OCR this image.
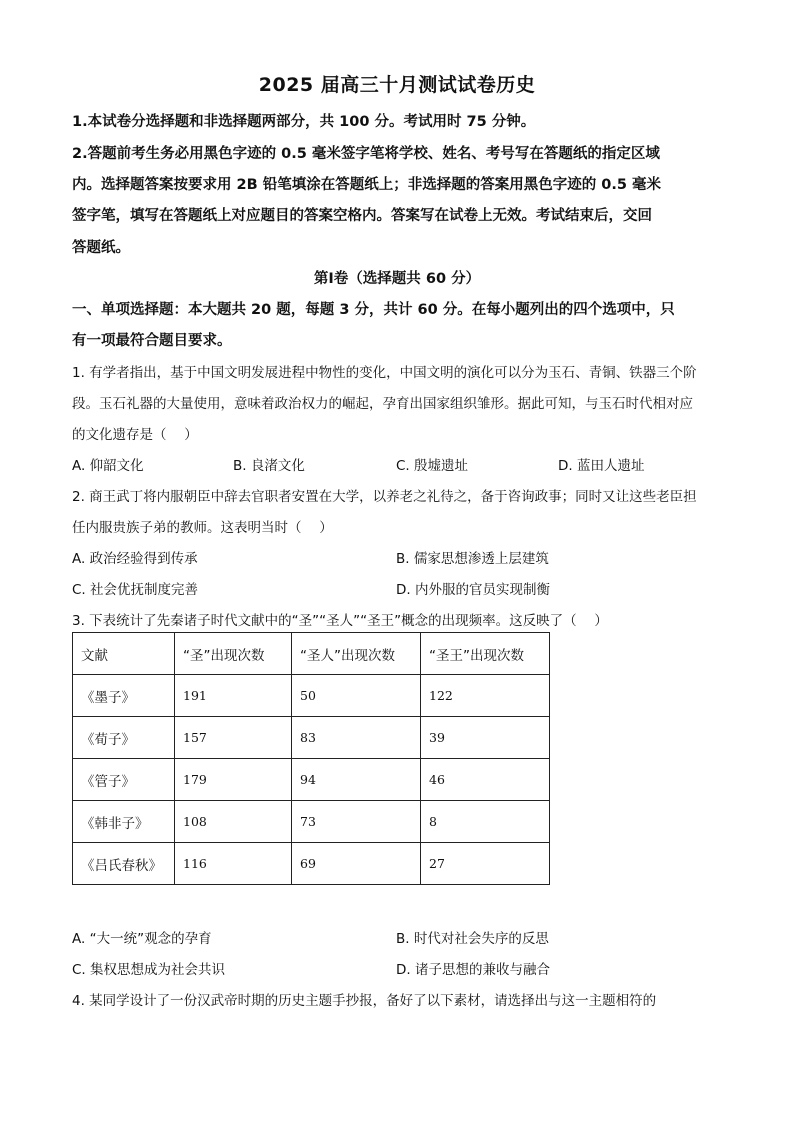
2025 届高三十月测试试卷历史
1.本试卷分选择题和非选择题两部分，共 100 分。考试用时 75 分钟。
2.答题前考生务必用黑色字迹的 0.5 毫米签字笔将学校、姓名、考号写在答题纸的指定区域
内。选择题答案按要求用 2B 铅笔填涂在答题纸上；非选择题的答案用黑色字迹的 0.5 毫米
签字笔，填写在答题纸上对应题目的答案空格内。答案写在试卷上无效。考试结束后，交回
答题纸。
第Ⅰ卷（选择题共 60 分）
一、单项选择题：本大题共 20 题，每题 3 分，共计 60 分。在每小题列出的四个选项中，只
有一项最符合题目要求。
1. 有学者指出，基于中国文明发展进程中物性的变化，中国文明的演化可以分为玉石、青铜、铁器三个阶
段。玉石礼器的大量使用，意味着政治权力的崛起，孕育出国家组织雏形。据此可知，与玉石时代相对应
的文化遗存是（　 ）
A. 仰韶文化	B. 良渚文化	C. 殷墟遗址	D. 蓝田人遗址
2. 商王武丁将内服朝臣中辞去官职者安置在大学，以养老之礼待之，备于咨询政事；同时又让这些老臣担
任内服贵族子弟的教师。这表明当时（　 ）
A. 政治经验得到传承	B. 儒家思想渗透上层建筑
C. 社会优抚制度完善	D. 内外服的官员实现制衡
3. 下表统计了先秦诸子时代文献中的“圣”“圣人”“圣王”概念的出现频率。这反映了（　 ）
文献	“圣”出现次数	“圣人”出现次数	“圣王”出现次数
《墨子》	191	50	122
《荀子》	157	83	39
《管子》	179	94	46
《韩非子》	108	73	8
《吕氏春秋》	116	69	27
A. “大一统”观念的孕育	B. 时代对社会失序的反思
C. 集权思想成为社会共识	D. 诸子思想的兼收与融合
4. 某同学设计了一份汉武帝时期的历史主题手抄报，备好了以下素材，请选择出与这一主题相符的
